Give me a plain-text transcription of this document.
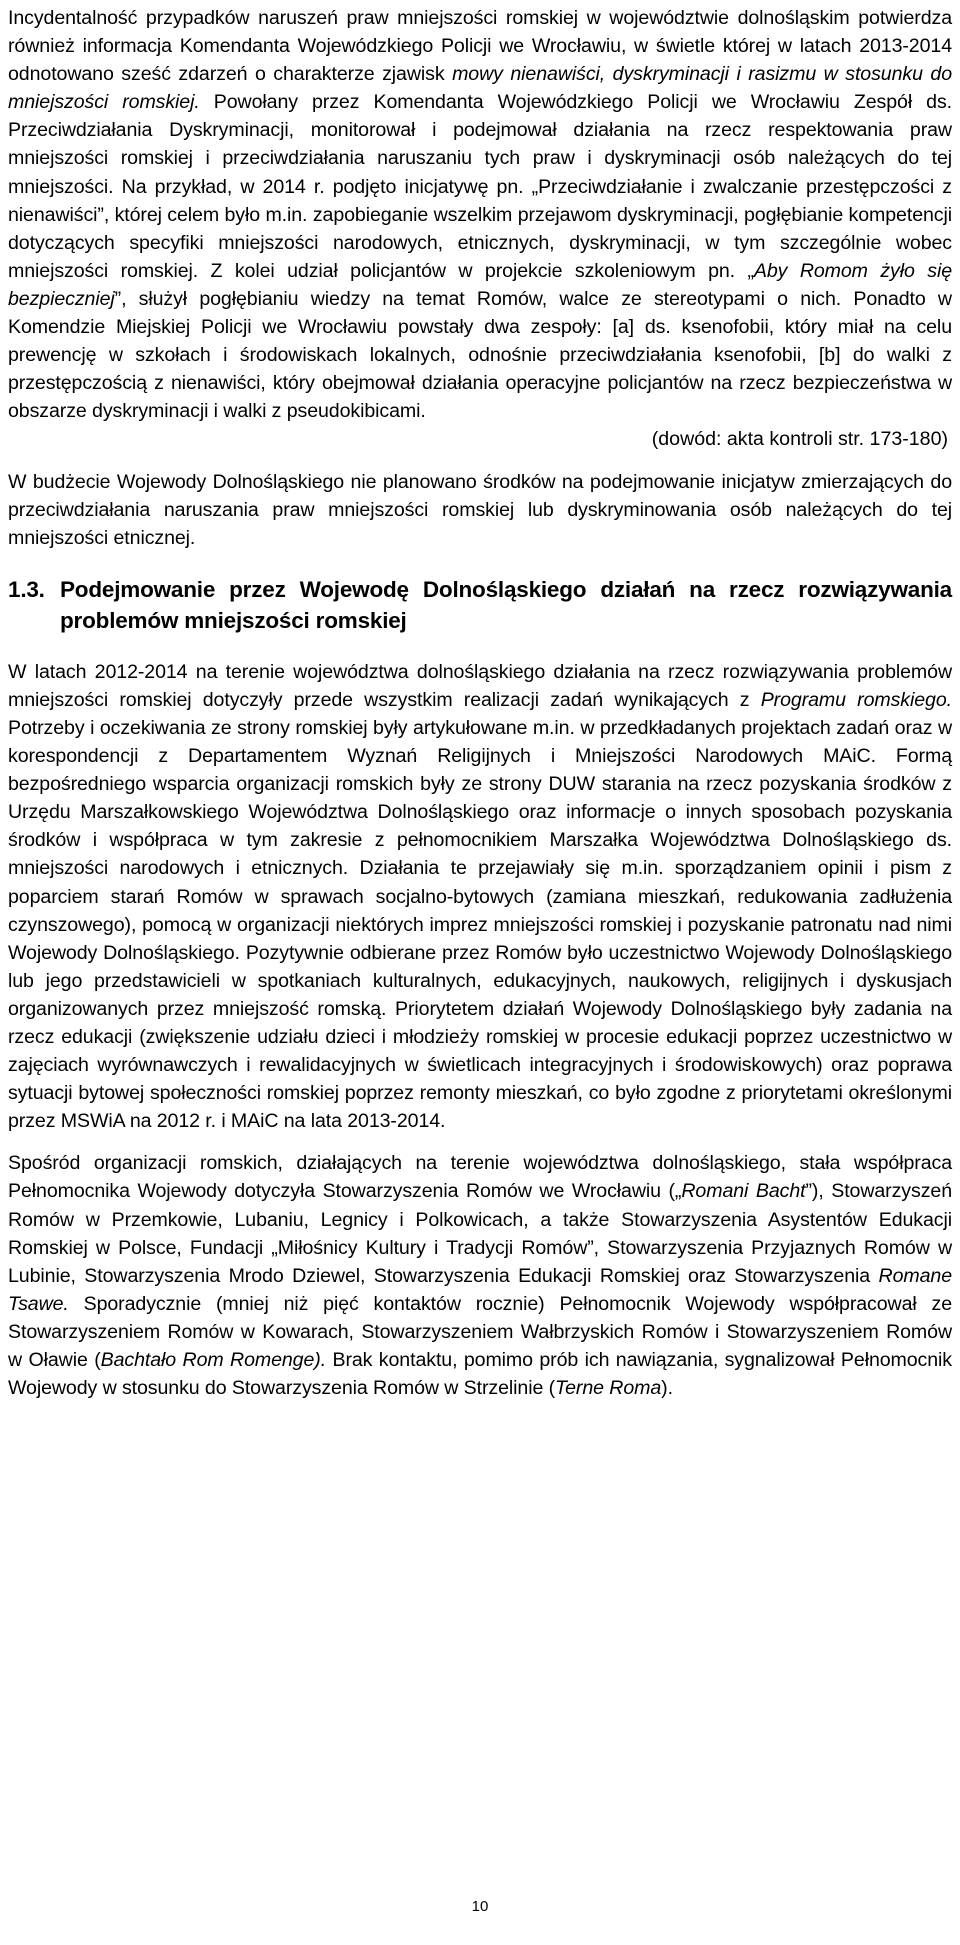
Incydentalność przypadków naruszeń praw mniejszości romskiej w województwie dolnośląskim potwierdza również informacja Komendanta Wojewódzkiego Policji we Wrocławiu, w świetle której w latach 2013-2014 odnotowano sześć zdarzeń o charakterze zjawisk mowy nienawiści, dyskryminacji i rasizmu w stosunku do mniejszości romskiej. Powołany przez Komendanta Wojewódzkiego Policji we Wrocławiu Zespół ds. Przeciwdziałania Dyskryminacji, monitorował i podejmował działania na rzecz respektowania praw mniejszości romskiej i przeciwdziałania naruszaniu tych praw i dyskryminacji osób należących do tej mniejszości. Na przykład, w 2014 r. podjęto inicjatywę pn. „Przeciwdziałanie i zwalczanie przestępczości z nienawiści”, której celem było m.in. zapobieganie wszelkim przejawom dyskryminacji, pogłębianie kompetencji dotyczących specyfiki mniejszości narodowych, etnicznych, dyskryminacji, w tym szczególnie wobec mniejszości romskiej. Z kolei udział policjantów w projekcie szkoleniowym pn. „Aby Romom żyło się bezpieczniej”, służył pogłębianiu wiedzy na temat Romów, walce ze stereotypami o nich. Ponadto w Komendzie Miejskiej Policji we Wrocławiu powstały dwa zespoły: [a] ds. ksenofobii, który miał na celu prewencję w szkołach i środowiskach lokalnych, odnośnie przeciwdziałania ksenofobii, [b] do walki z przestępczością z nienawiści, który obejmował działania operacyjne policjantów na rzecz bezpieczeństwa w obszarze dyskryminacji i walki z pseudokibicami.

(dowód: akta kontroli str. 173-180)

W budżecie Wojewody Dolnośląskiego nie planowano środków na podejmowanie inicjatyw zmierzających do przeciwdziałania naruszania praw mniejszości romskiej lub dyskryminowania osób należących do tej mniejszości etnicznej.

1.3. Podejmowanie przez Wojewodę Dolnośląskiego działań na rzecz rozwiązywania problemów mniejszości romskiej

W latach 2012-2014 na terenie województwa dolnośląskiego działania na rzecz rozwiązywania problemów mniejszości romskiej dotyczyły przede wszystkim realizacji zadań wynikających z Programu romskiego. Potrzeby i oczekiwania ze strony romskiej były artykułowane m.in. w przedkładanych projektach zadań oraz w korespondencji z Departamentem Wyznań Religijnych i Mniejszości Narodowych MAiC. Formą bezpośredniego wsparcia organizacji romskich były ze strony DUW starania na rzecz pozyskania środków z Urzędu Marszałkowskiego Województwa Dolnośląskiego oraz informacje o innych sposobach pozyskania środków i współpraca w tym zakresie z pełnomocnikiem Marszałka Województwa Dolnośląskiego ds. mniejszości narodowych i etnicznych. Działania te przejawiały się m.in. sporządzaniem opinii i pism z poparciem starań Romów w sprawach socjalno-bytowych (zamiana mieszkań, redukowania zadłużenia czynszowego), pomocą w organizacji niektórych imprez mniejszości romskiej i pozyskanie patronatu nad nimi Wojewody Dolnośląskiego. Pozytywnie odbierane przez Romów było uczestnictwo Wojewody Dolnośląskiego lub jego przedstawicieli w spotkaniach kulturalnych, edukacyjnych, naukowych, religijnych i dyskusjach organizowanych przez mniejszość romską. Priorytetem działań Wojewody Dolnośląskiego były zadania na rzecz edukacji (zwiększenie udziału dzieci i młodzieży romskiej w procesie edukacji poprzez uczestnictwo w zajęciach wyrównawczych i rewalidacyjnych w świetlicach integracyjnych i środowiskowych) oraz poprawa sytuacji bytowej społeczności romskiej poprzez remonty mieszkań, co było zgodne z priorytetami określonymi przez MSWiA na 2012 r. i MAiC na lata 2013-2014.

Spośród organizacji romskich, działających na terenie województwa dolnośląskiego, stała współpraca Pełnomocnika Wojewody dotyczyła Stowarzyszenia Romów we Wrocławiu („Romani Bacht”), Stowarzyszeń Romów w Przemkowie, Lubaniu, Legnicy i Polkowicach, a także Stowarzyszenia Asystentów Edukacji Romskiej w Polsce, Fundacji „Miłośnicy Kultury i Tradycji Romów”, Stowarzyszenia Przyjaznych Romów w Lubinie, Stowarzyszenia Mrodo Dziewel, Stowarzyszenia Edukacji Romskiej oraz Stowarzyszenia Romane Tsawe. Sporadycznie (mniej niż pięć kontaktów rocznie) Pełnomocnik Wojewody współpracował ze Stowarzyszeniem Romów w Kowarach, Stowarzyszeniem Wałbrzyskich Romów i Stowarzyszeniem Romów w Oławie (Bachtało Rom Romenge). Brak kontaktu, pomimo prób ich nawiązania, sygnalizował Pełnomocnik Wojewody w stosunku do Stowarzyszenia Romów w Strzelinie (Terne Roma).

10
